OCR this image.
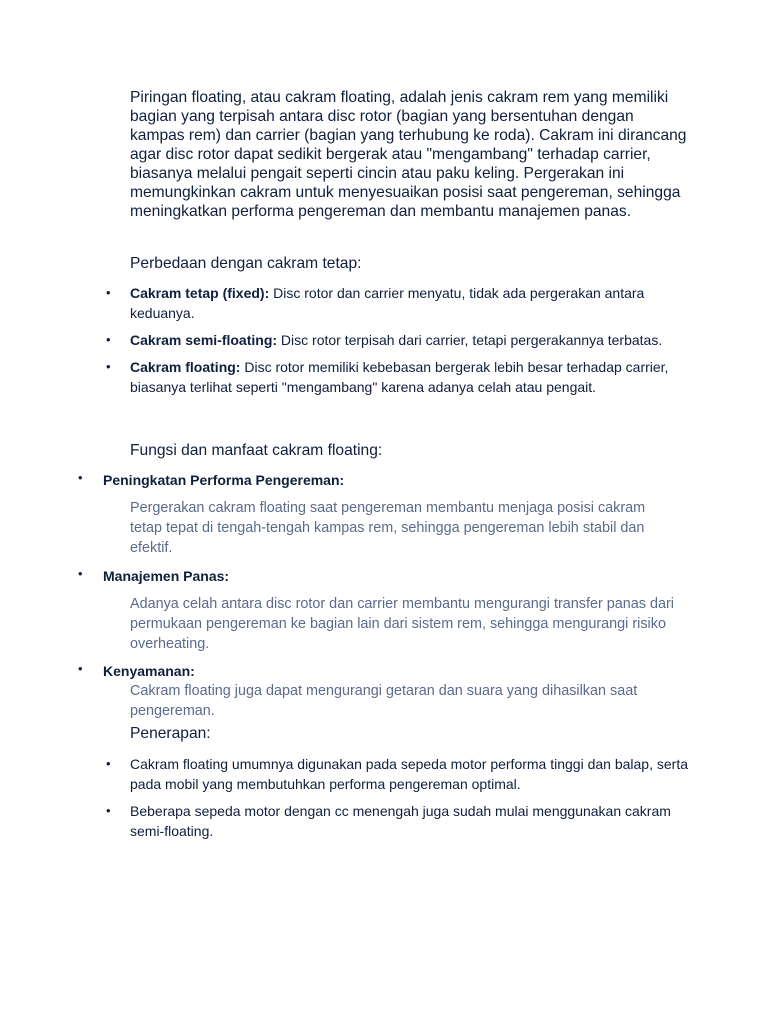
Piringan floating, atau cakram floating, adalah jenis cakram rem yang memiliki bagian yang terpisah antara disc rotor (bagian yang bersentuhan dengan kampas rem) dan carrier (bagian yang terhubung ke roda). Cakram ini dirancang agar disc rotor dapat sedikit bergerak atau "mengambang" terhadap carrier, biasanya melalui pengait seperti cincin atau paku keling. Pergerakan ini memungkinkan cakram untuk menyesuaikan posisi saat pengereman, sehingga meningkatkan performa pengereman dan membantu manajemen panas.

Perbedaan dengan cakram tetap:

• Cakram tetap (fixed): Disc rotor dan carrier menyatu, tidak ada pergerakan antara keduanya.
• Cakram semi-floating: Disc rotor terpisah dari carrier, tetapi pergerakannya terbatas.
• Cakram floating: Disc rotor memiliki kebebasan bergerak lebih besar terhadap carrier, biasanya terlihat seperti "mengambang" karena adanya celah atau pengait.

Fungsi dan manfaat cakram floating:

• Peningkatan Performa Pengereman:

Pergerakan cakram floating saat pengereman membantu menjaga posisi cakram tetap tepat di tengah-tengah kampas rem, sehingga pengereman lebih stabil dan efektif.

• Manajemen Panas:

Adanya celah antara disc rotor dan carrier membantu mengurangi transfer panas dari permukaan pengereman ke bagian lain dari sistem rem, sehingga mengurangi risiko overheating.

• Kenyamanan:

Cakram floating juga dapat mengurangi getaran dan suara yang dihasilkan saat pengereman.

Penerapan:

• Cakram floating umumnya digunakan pada sepeda motor performa tinggi dan balap, serta pada mobil yang membutuhkan performa pengereman optimal.
• Beberapa sepeda motor dengan cc menengah juga sudah mulai menggunakan cakram semi-floating.
